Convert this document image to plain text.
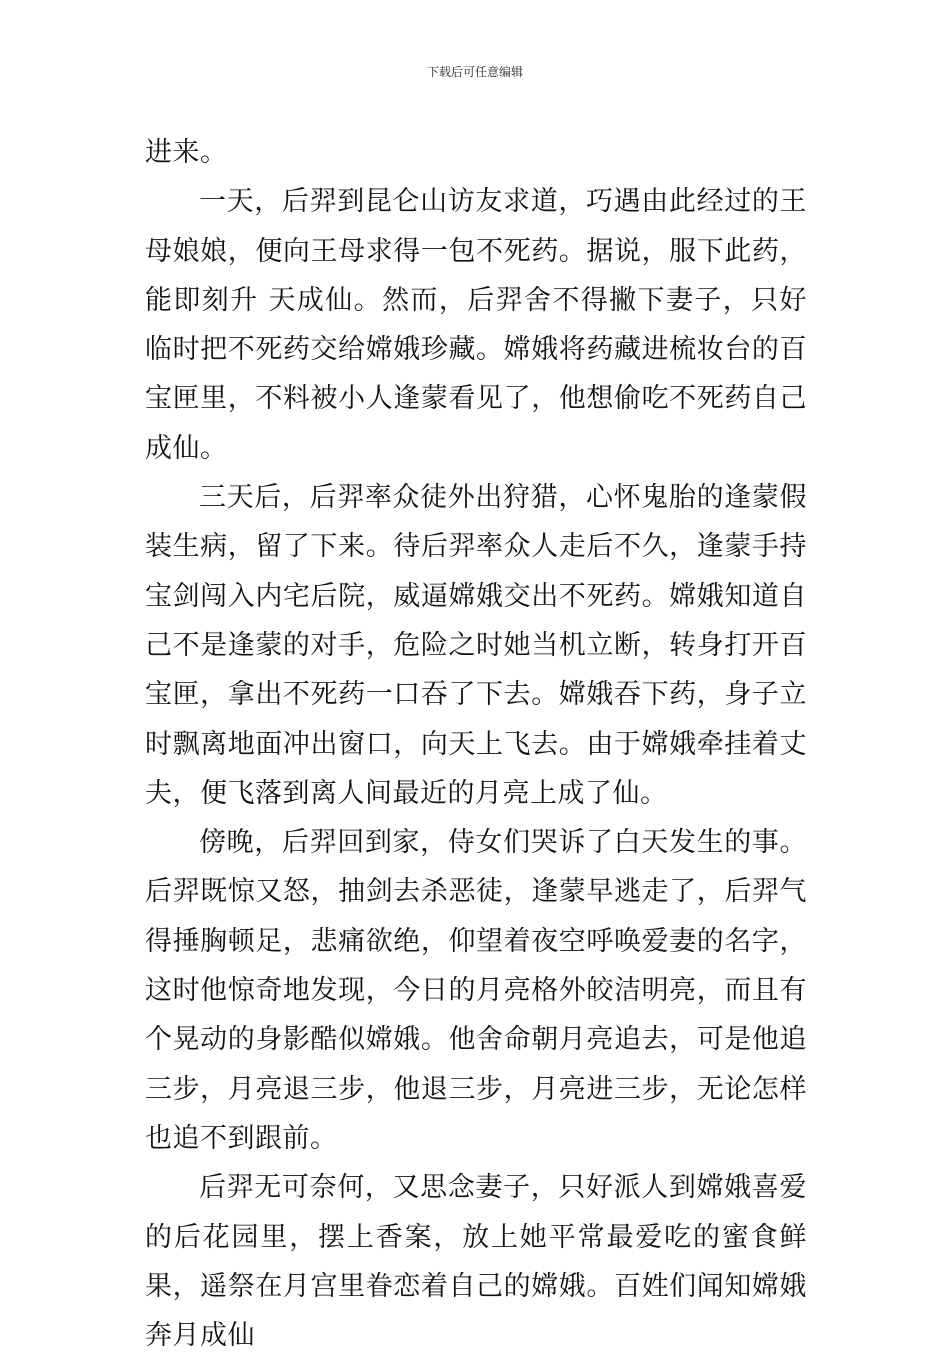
下载后可任意编辑

进来。

一天，后羿到昆仑山访友求道，巧遇由此经过的王母娘娘，便向王母求得一包不死药。据说，服下此药，能即刻升 天成仙。然而，后羿舍不得撇下妻子，只好临时把不死药交给嫦娥珍藏。嫦娥将药藏进梳妆台的百宝匣里，不料被小人逢蒙看见了，他想偷吃不死药自己成仙。

三天后，后羿率众徒外出狩猎，心怀鬼胎的逢蒙假装生病，留了下来。待后羿率众人走后不久，逢蒙手持宝剑闯入内宅后院，威逼嫦娥交出不死药。嫦娥知道自己不是逢蒙的对手，危险之时她当机立断，转身打开百宝匣，拿出不死药一口吞了下去。嫦娥吞下药，身子立时飘离地面冲出窗口，向天上飞去。由于嫦娥牵挂着丈夫，便飞落到离人间最近的月亮上成了仙。

傍晚，后羿回到家，侍女们哭诉了白天发生的事。后羿既惊又怒，抽剑去杀恶徒，逢蒙早逃走了，后羿气得捶胸顿足，悲痛欲绝，仰望着夜空呼唤爱妻的名字，这时他惊奇地发现，今日的月亮格外皎洁明亮，而且有个晃动的身影酷似嫦娥。他舍命朝月亮追去，可是他追三步，月亮退三步，他退三步，月亮进三步，无论怎样也追不到跟前。

后羿无可奈何，又思念妻子，只好派人到嫦娥喜爱的后花园里，摆上香案，放上她平常最爱吃的蜜食鲜果，遥祭在月宫里眷恋着自己的嫦娥。百姓们闻知嫦娥奔月成仙
